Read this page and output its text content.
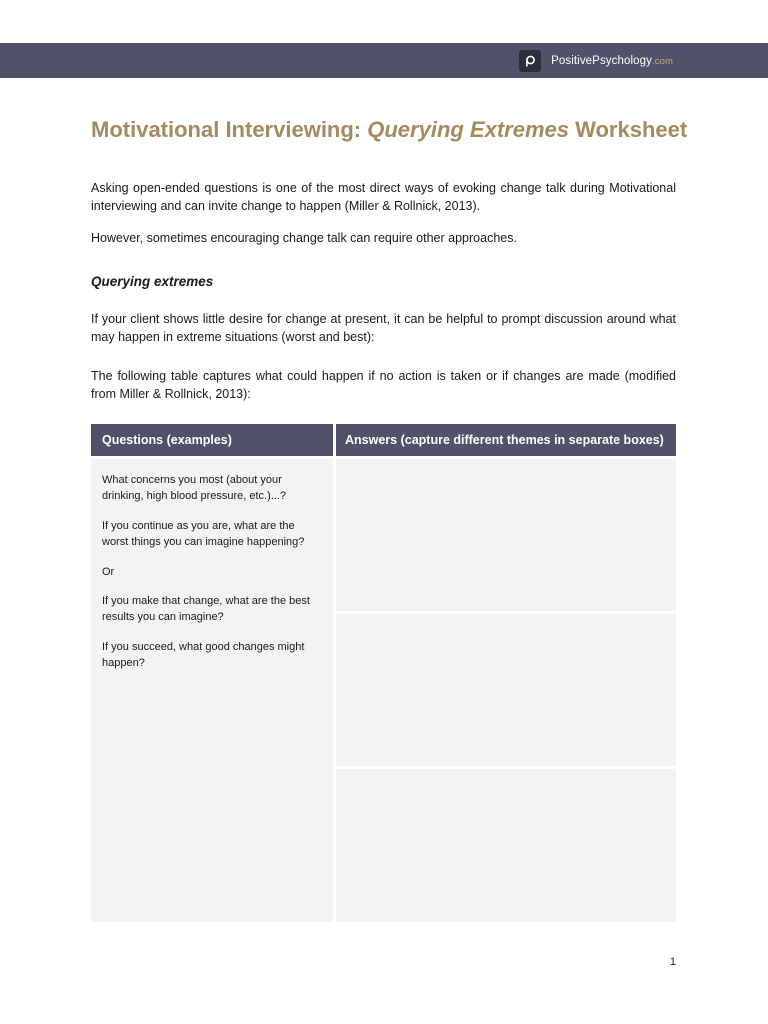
PositivePsychology.com
Motivational Interviewing: Querying Extremes Worksheet

Asking open-ended questions is one of the most direct ways of evoking change talk during Motivational interviewing and can invite change to happen (Miller & Rollnick, 2013).

However, sometimes encouraging change talk can require other approaches.

Querying extremes

If your client shows little desire for change at present, it can be helpful to prompt discussion around what may happen in extreme situations (worst and best):

The following table captures what could happen if no action is taken or if changes are made (modified from Miller & Rollnick, 2013):

Questions (examples)	Answers (capture different themes in separate boxes)

What concerns you most (about your drinking, high blood pressure, etc.)...?

If you continue as you are, what are the worst things you can imagine happening?

Or

If you make that change, what are the best results you can imagine?

If you succeed, what good changes might happen?

1
